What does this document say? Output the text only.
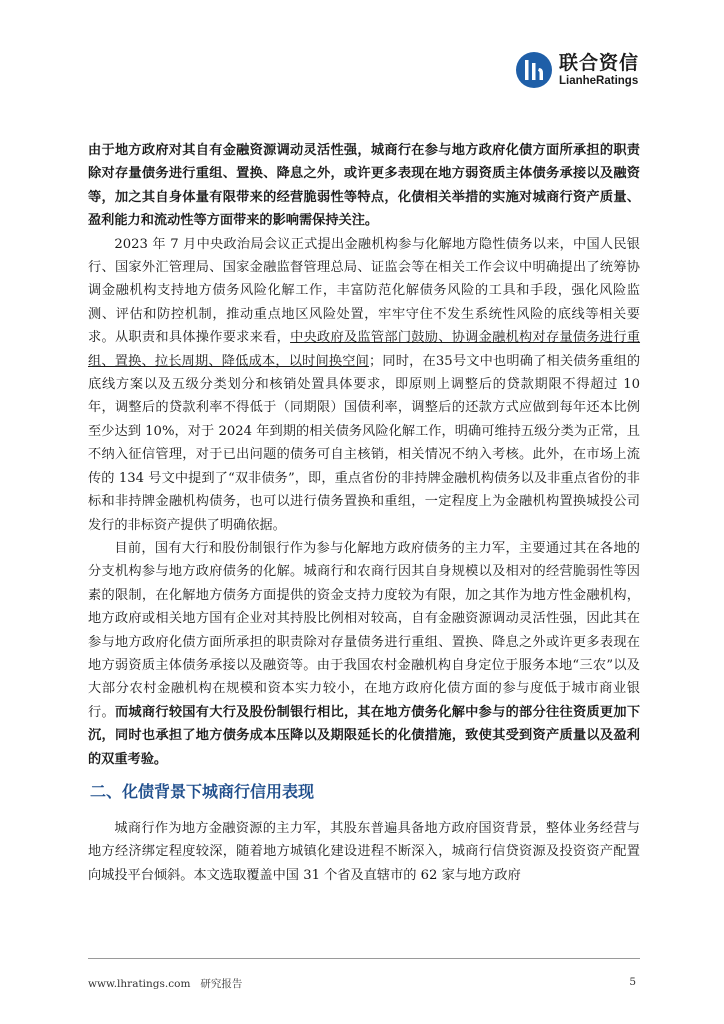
联合资信
LianheRatings

由于地方政府对其自有金融资源调动灵活性强，城商行在参与地方政府化债方面所承担的职责除对存量债务进行重组、置换、降息之外，或许更多表现在地方弱资质主体债务承接以及融资等，加之其自身体量有限带来的经营脆弱性等特点，化债相关举措的实施对城商行资产质量、盈利能力和流动性等方面带来的影响需保持关注。

2023 年 7 月中央政治局会议正式提出金融机构参与化解地方隐性债务以来，中国人民银行、国家外汇管理局、国家金融监督管理总局、证监会等在相关工作会议中明确提出了统筹协调金融机构支持地方债务风险化解工作，丰富防范化解债务风险的工具和手段，强化风险监测、评估和防控机制，推动重点地区风险处置，牢牢守住不发生系统性风险的底线等相关要求。从职责和具体操作要求来看，中央政府及监管部门鼓励、协调金融机构对存量债务进行重组、置换、拉长周期、降低成本，以时间换空间；同时，在35号文中也明确了相关债务重组的底线方案以及五级分类划分和核销处置具体要求，即原则上调整后的贷款期限不得超过 10 年，调整后的贷款利率不得低于（同期限）国债利率，调整后的还款方式应做到每年还本比例至少达到 10%，对于 2024 年到期的相关债务风险化解工作，明确可维持五级分类为正常，且不纳入征信管理，对于已出问题的债务可自主核销，相关情况不纳入考核。此外，在市场上流传的 134 号文中提到了“双非债务”，即，重点省份的非持牌金融机构债务以及非重点省份的非标和非持牌金融机构债务，也可以进行债务置换和重组，一定程度上为金融机构置换城投公司发行的非标资产提供了明确依据。

目前，国有大行和股份制银行作为参与化解地方政府债务的主力军，主要通过其在各地的分支机构参与地方政府债务的化解。城商行和农商行因其自身规模以及相对的经营脆弱性等因素的限制，在化解地方债务方面提供的资金支持力度较为有限，加之其作为地方性金融机构，地方政府或相关地方国有企业对其持股比例相对较高，自有金融资源调动灵活性强，因此其在参与地方政府化债方面所承担的职责除对存量债务进行重组、置换、降息之外或许更多表现在地方弱资质主体债务承接以及融资等。由于我国农村金融机构自身定位于服务本地“三农”以及大部分农村金融机构在规模和资本实力较小，在地方政府化债方面的参与度低于城市商业银行。而城商行较国有大行及股份制银行相比，其在地方债务化解中参与的部分往往资质更加下沉，同时也承担了地方债务成本压降以及期限延长的化债措施，致使其受到资产质量以及盈利的双重考验。

二、化债背景下城商行信用表现

城商行作为地方金融资源的主力军，其股东普遍具备地方政府国资背景，整体业务经营与地方经济绑定程度较深，随着地方城镇化建设进程不断深入，城商行信贷资源及投资资产配置向城投平台倾斜。本文选取覆盖中国 31 个省及直辖市的 62 家与地方政府

www.lhratings.com 研究报告	5
